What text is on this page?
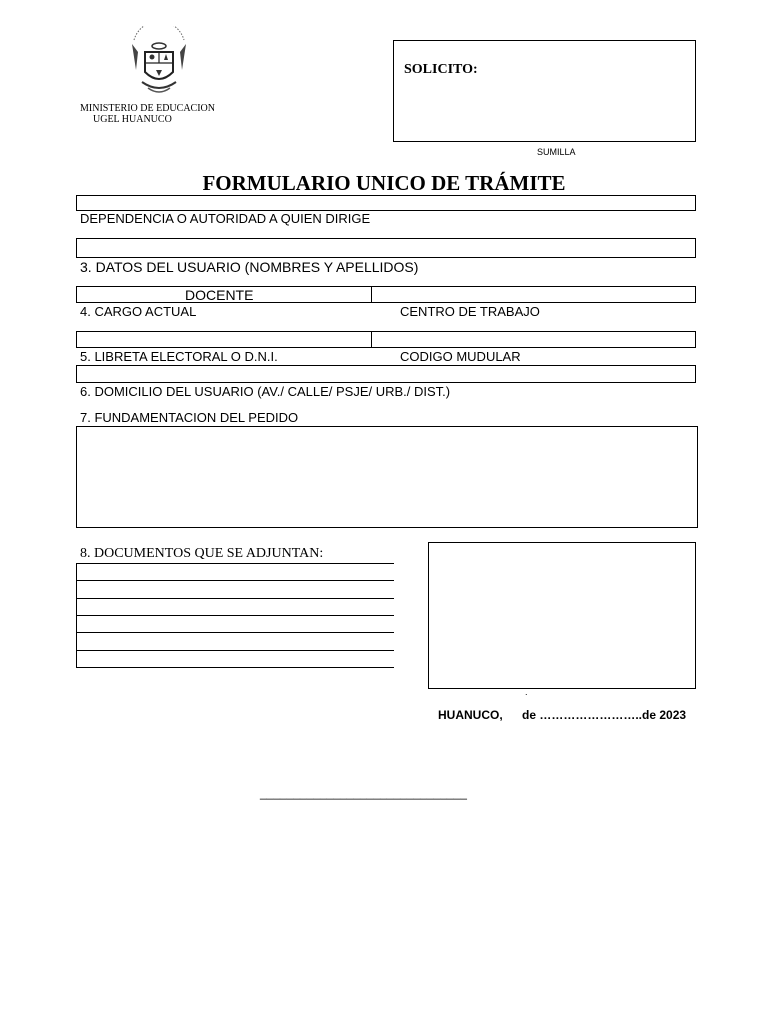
MINISTERIO DE EDUCACION
UGEL HUANUCO
SOLICITO:
SUMILLA
FORMULARIO UNICO DE TRÁMITE
DEPENDENCIA O AUTORIDAD A QUIEN DIRIGE
3. DATOS DEL USUARIO (NOMBRES Y APELLIDOS)
DOCENTE
4. CARGO ACTUAL	CENTRO DE TRABAJO
5. LIBRETA ELECTORAL O D.N.I.	CODIGO MUDULAR
6. DOMICILIO DEL USUARIO (AV./ CALLE/ PSJE/ URB./ DIST.)
7. FUNDAMENTACION DEL PEDIDO
8. DOCUMENTOS QUE SE ADJUNTAN:
.
HUANUCO, de ……………………..de 2023
_______________________________
